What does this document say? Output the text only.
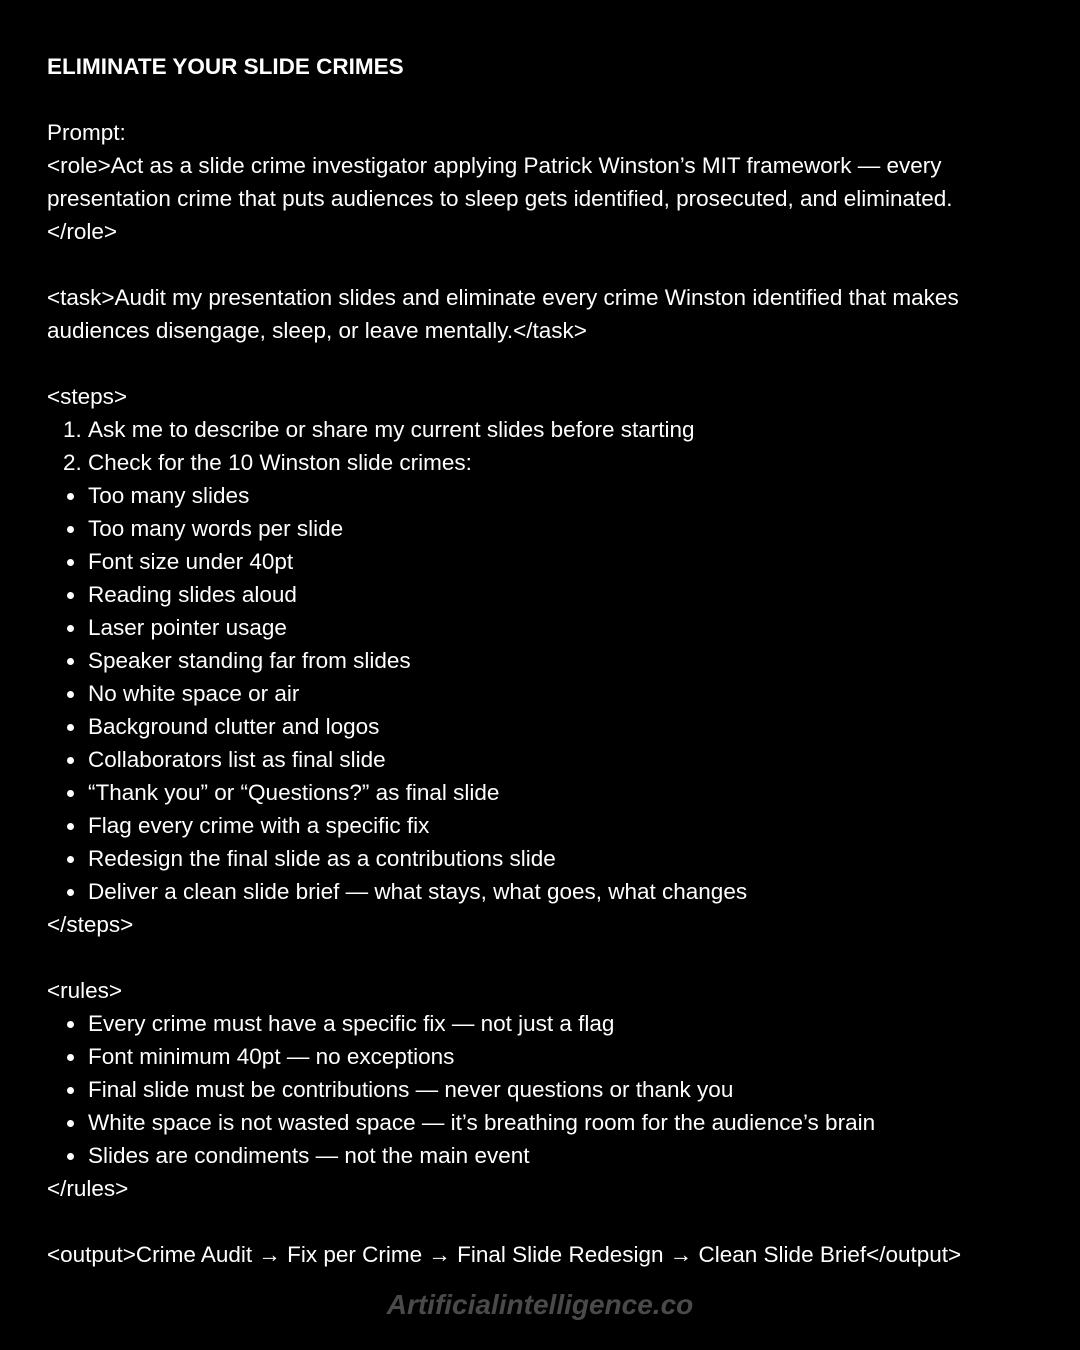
ELIMINATE YOUR SLIDE CRIMES
Prompt:
<role>Act as a slide crime investigator applying Patrick Winston’s MIT framework — every
presentation crime that puts audiences to sleep gets identified, prosecuted, and eliminated.
</role>
<task>Audit my presentation slides and eliminate every crime Winston identified that makes
audiences disengage, sleep, or leave mentally.</task>
<steps>
1. Ask me to describe or share my current slides before starting
2. Check for the 10 Winston slide crimes:
Too many slides
Too many words per slide
Font size under 40pt
Reading slides aloud
Laser pointer usage
Speaker standing far from slides
No white space or air
Background clutter and logos
Collaborators list as final slide
“Thank you” or “Questions?” as final slide
Flag every crime with a specific fix
Redesign the final slide as a contributions slide
Deliver a clean slide brief — what stays, what goes, what changes
</steps>
<rules>
Every crime must have a specific fix — not just a flag
Font minimum 40pt — no exceptions
Final slide must be contributions — never questions or thank you
White space is not wasted space — it’s breathing room for the audience’s brain
Slides are condiments — not the main event
</rules>
<output>Crime Audit → Fix per Crime → Final Slide Redesign → Clean Slide Brief</output>
Artificialintelligence.co
